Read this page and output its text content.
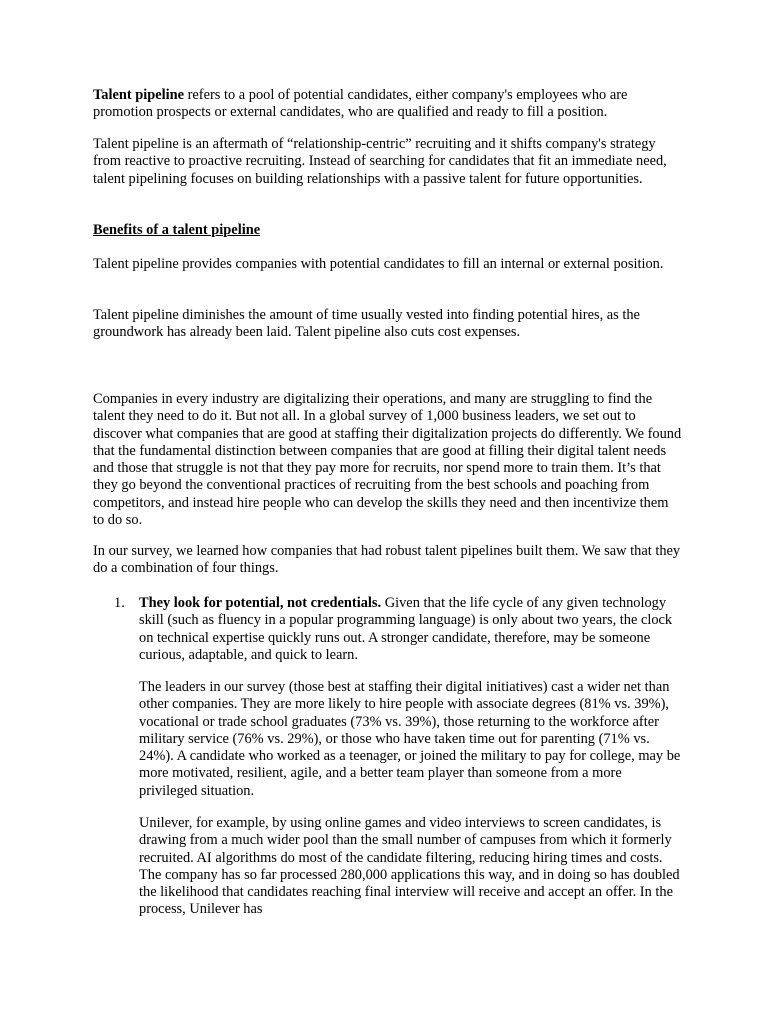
Talent pipeline refers to a pool of potential candidates, either company's employees who are promotion prospects or external candidates, who are qualified and ready to fill a position.

Talent pipeline is an aftermath of “relationship-centric” recruiting and it shifts company's strategy from reactive to proactive recruiting. Instead of searching for candidates that fit an immediate need, talent pipelining focuses on building relationships with a passive talent for future opportunities.

Benefits of a talent pipeline

Talent pipeline provides companies with potential candidates to fill an internal or external position.

Talent pipeline diminishes the amount of time usually vested into finding potential hires, as the groundwork has already been laid. Talent pipeline also cuts cost expenses.

Companies in every industry are digitalizing their operations, and many are struggling to find the talent they need to do it. But not all. In a global survey of 1,000 business leaders, we set out to discover what companies that are good at staffing their digitalization projects do differently. We found that the fundamental distinction between companies that are good at filling their digital talent needs and those that struggle is not that they pay more for recruits, nor spend more to train them. It’s that they go beyond the conventional practices of recruiting from the best schools and poaching from competitors, and instead hire people who can develop the skills they need and then incentivize them to do so.

In our survey, we learned how companies that had robust talent pipelines built them. We saw that they do a combination of four things.

1. They look for potential, not credentials. Given that the life cycle of any given technology skill (such as fluency in a popular programming language) is only about two years, the clock on technical expertise quickly runs out. A stronger candidate, therefore, may be someone curious, adaptable, and quick to learn.

The leaders in our survey (those best at staffing their digital initiatives) cast a wider net than other companies. They are more likely to hire people with associate degrees (81% vs. 39%), vocational or trade school graduates (73% vs. 39%), those returning to the workforce after military service (76% vs. 29%), or those who have taken time out for parenting (71% vs. 24%). A candidate who worked as a teenager, or joined the military to pay for college, may be more motivated, resilient, agile, and a better team player than someone from a more privileged situation.

Unilever, for example, by using online games and video interviews to screen candidates, is drawing from a much wider pool than the small number of campuses from which it formerly recruited. AI algorithms do most of the candidate filtering, reducing hiring times and costs. The company has so far processed 280,000 applications this way, and in doing so has doubled the likelihood that candidates reaching final interview will receive and accept an offer. In the process, Unilever has
